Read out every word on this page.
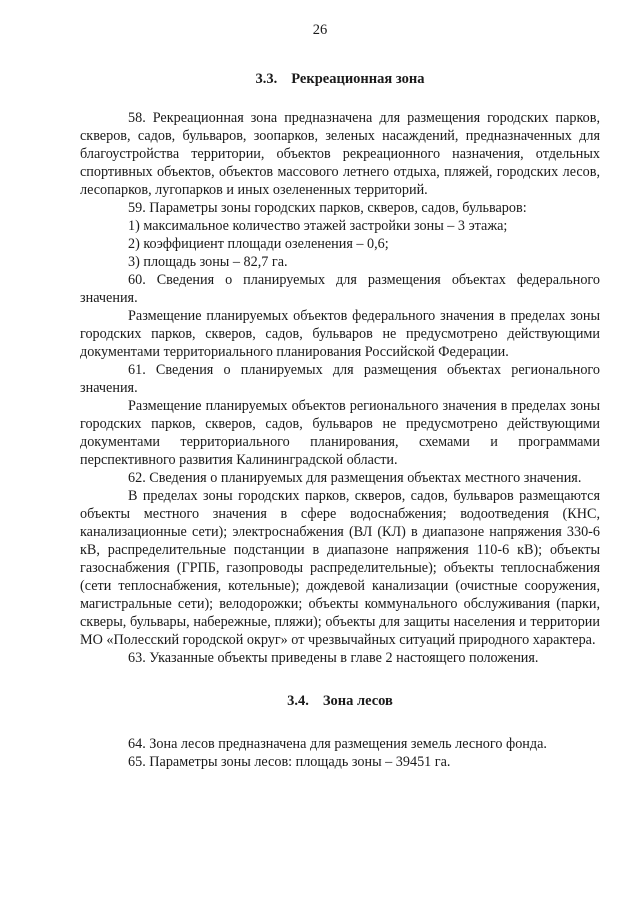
26
3.3. Рекреационная зона

58. Рекреационная зона предназначена для размещения городских парков, скверов, садов, бульваров, зоопарков, зеленых насаждений, предназначенных для благоустройства территории, объектов рекреационного назначения, отдельных спортивных объектов, объектов массового летнего отдыха, пляжей, городских лесов, лесопарков, лугопарков и иных озелененных территорий.

59. Параметры зоны городских парков, скверов, садов, бульваров:

1) максимальное количество этажей застройки зоны – 3 этажа;

2) коэффициент площади озеленения – 0,6;

3) площадь зоны – 82,7 га.

60. Сведения о планируемых для размещения объектах федерального значения.

Размещение планируемых объектов федерального значения в пределах зоны городских парков, скверов, садов, бульваров не предусмотрено действующими документами территориального планирования Российской Федерации.

61. Сведения о планируемых для размещения объектах регионального значения.

Размещение планируемых объектов регионального значения в пределах зоны городских парков, скверов, садов, бульваров не предусмотрено действующими документами территориального планирования, схемами и программами перспективного развития Калининградской области.

62. Сведения о планируемых для размещения объектах местного значения.

В пределах зоны городских парков, скверов, садов, бульваров размещаются объекты местного значения в сфере водоснабжения; водоотведения (КНС, канализационные сети); электроснабжения (ВЛ (КЛ) в диапазоне напряжения 330-6 кВ, распределительные подстанции в диапазоне напряжения 110-6 кВ); объекты газоснабжения (ГРПБ, газопроводы распределительные); объекты теплоснабжения (сети теплоснабжения, котельные); дождевой канализации (очистные сооружения, магистральные сети); велодорожки; объекты коммунального обслуживания (парки, скверы, бульвары, набережные, пляжи); объекты для защиты населения и территории МО «Полесский городской округ» от чрезвычайных ситуаций природного характера.

63. Указанные объекты приведены в главе 2 настоящего положения.

3.4. Зона лесов

64. Зона лесов предназначена для размещения земель лесного фонда.

65. Параметры зоны лесов: площадь зоны – 39451 га.
